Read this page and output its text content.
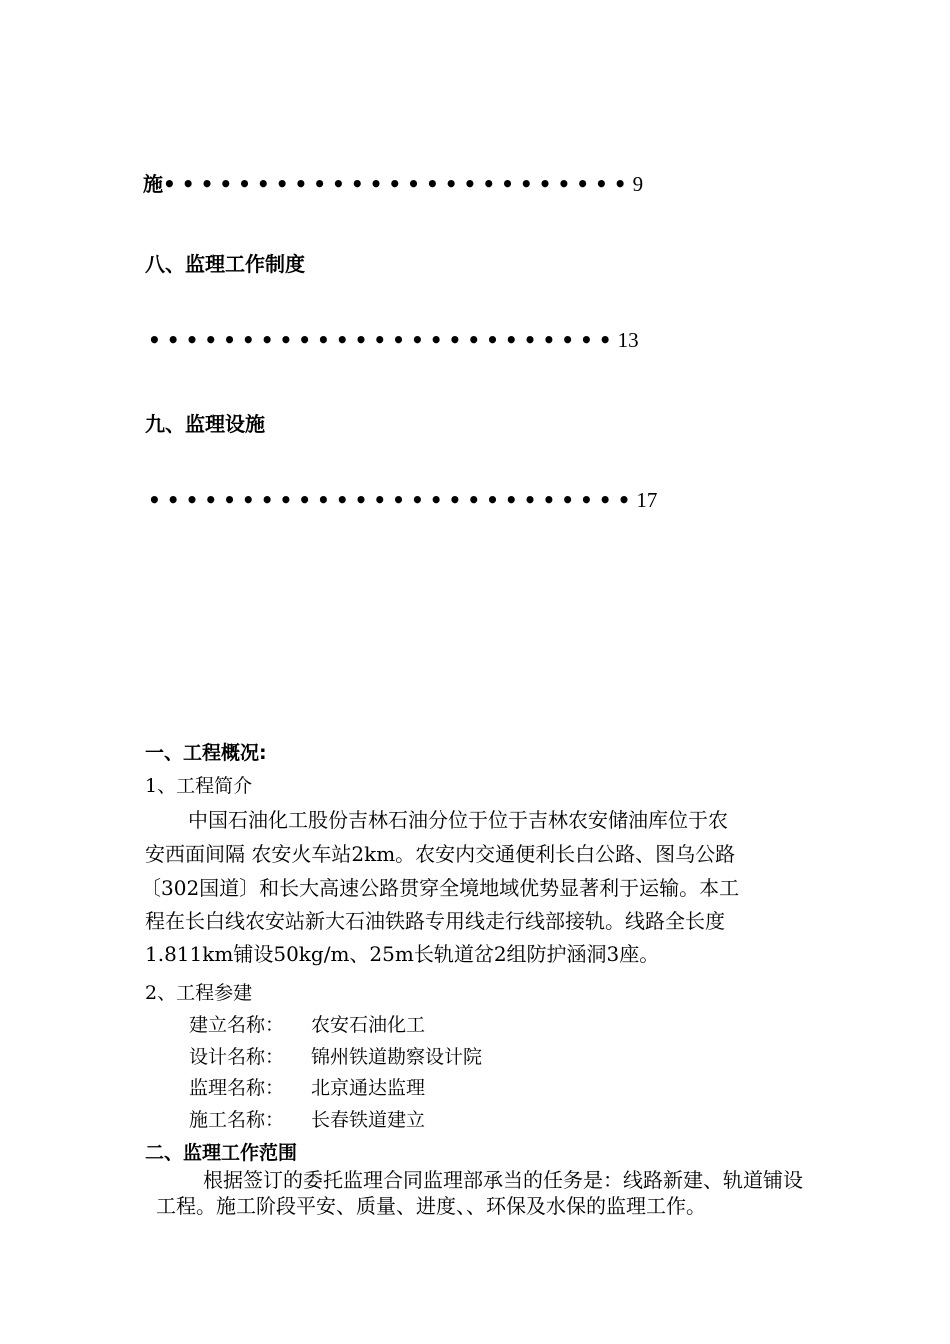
施•••••••••••••••••••••••••9
八、监理工作制度
•••••••••••••••••••••••••13
九、监理设施
••••••••••••••••••••••••••17
一、工程概况:
1、工程简介
中国石油化工股份吉林石油分位于位于吉林农安储油库位于农
安西面间隔 农安火车站2km。农安内交通便利长白公路、图乌公路
〔302国道〕和长大高速公路贯穿全境地域优势显著利于运输。本工
程在长白线农安站新大石油铁路专用线走行线部接轨。线路全长度
1.811km铺设50kg/m、25m长轨道岔2组防护涵洞3座。
2、工程参建
建立名称： 农安石油化工
设计名称： 锦州铁道勘察设计院
监理名称： 北京通达监理
施工名称： 长春铁道建立
二、监理工作范围
根据签订的委托监理合同监理部承当的任务是：线路新建、轨道铺设
工程。施工阶段平安、质量、进度、、环保及水保的监理工作。
